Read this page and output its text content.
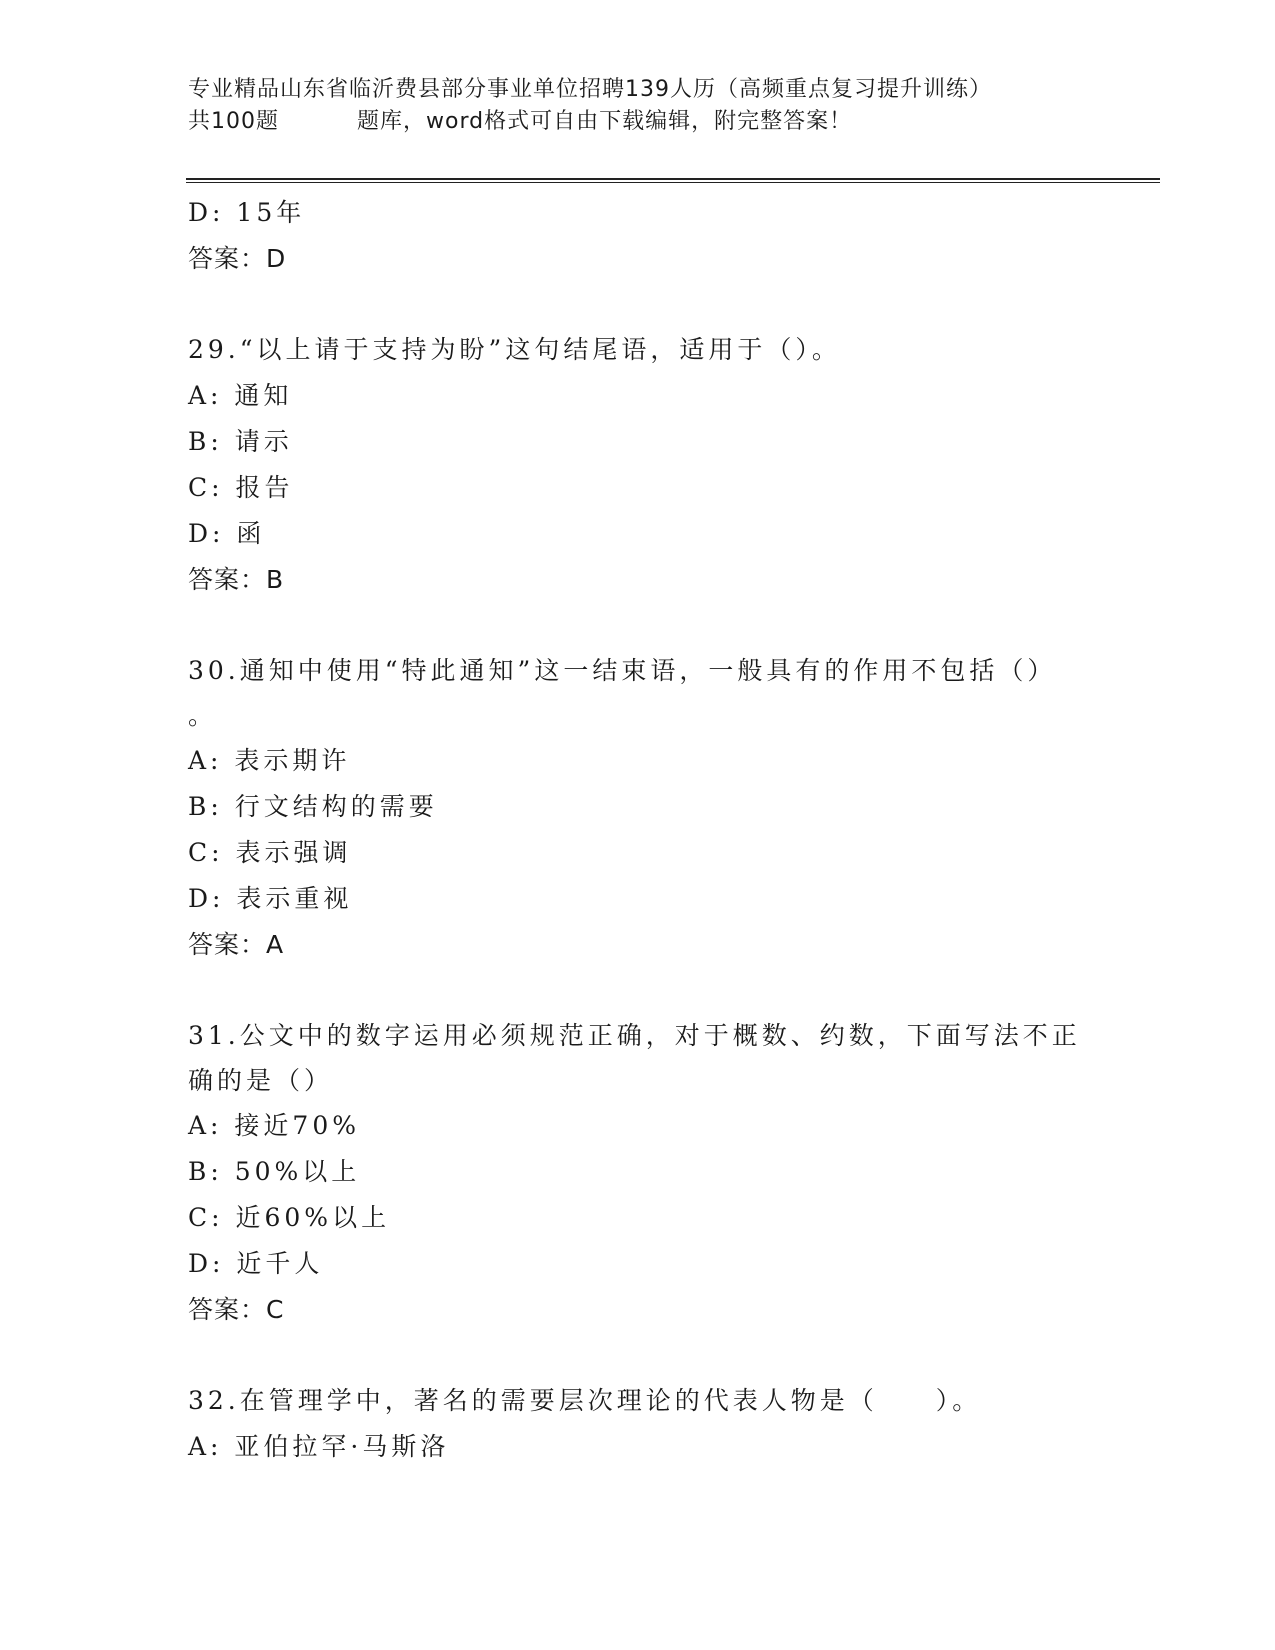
专业精品山东省临沂费县部分事业单位招聘139人历（高频重点复习提升训练）
共100题	题库，word格式可自由下载编辑，附完整答案！
D: 15年
答案：D
29.“以上请于支持为盼”这句结尾语，适用于（）。
A: 通知
B: 请示
C: 报告
D: 函
答案：B
30.通知中使用“特此通知”这一结束语，一般具有的作用不包括（）
。
A: 表示期许
B: 行文结构的需要
C: 表示强调
D: 表示重视
答案：A
31.公文中的数字运用必须规范正确，对于概数、约数，下面写法不正
确的是（）
A: 接近70%
B: 50%以上
C: 近60%以上
D: 近千人
答案：C
32.在管理学中，著名的需要层次理论的代表人物是（　　）。
A: 亚伯拉罕·马斯洛
